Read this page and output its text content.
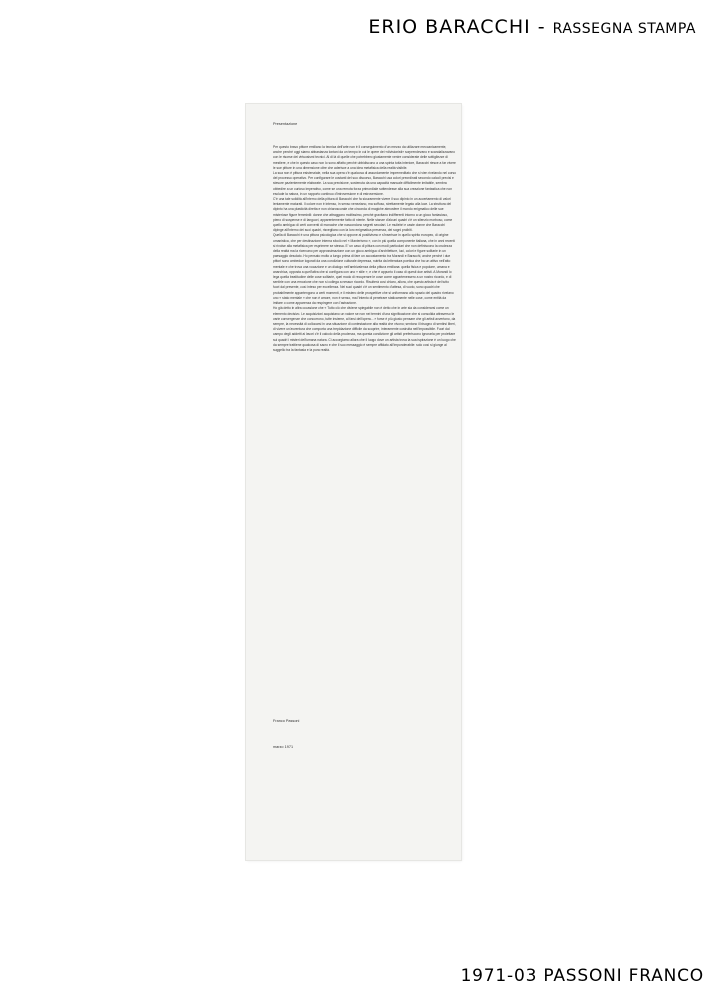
ERIO BARACCHI - RASSEGNA STAMPA

Presentazione

Per questo bravo pittore emiliano la tecnica dell'arte non è il conseguimento d'un mezzo da utilizzare meccanicamente, anche perché oggi siamo abbastanza lontani da un tempo in cui le opere dei «divisionisti» sorprendevano e scandalizzavano con le risorse dei virtuosismi tecnici. Al di là di quelle che potrebbero giustamente venire considerate delle sottigliezze di mestiere, e che in questo caso non lo sono affatto perché ubbidiscono a una spinta tutta interiore, Baracchi riesce a far vivere le sue pitture in una dimensione oltre che aderisce a una idea metafisica della realtà visibile.
La sua non è pittura esistenziale, nella sua opera c'è qualcosa di assurdamente impremeditato che si vien rivelando nel corso del processo operativo. Per configurare le costanti del suo discorso, Baracchi usa colori preordinati secondo calcoli precisi e stesure pazientemente elaborate. La sua precisione, sostenuta da una capacità manuale difficilmente imitabile, sembra obbedire a un curioso imperativo, come se una remota forza primordiale sottendesse alla sua creazione fantastica che non esclude la natura, in un rapporto continuo d'introversione e di estroversione.
C'è una tale solidità all'interno della pittura di Baracchi che fa sicuramente vivere il suo dipinto in un accertamento di valori lentamente maturati. Il colore non è intenso, in senso veneziano, ma soffuso, strettamente legato alla luce. La struttura del dipinto ha una plasticità diretta e non chiaroscurale che circonda di magiche atmosfere il mondo enigmatico delle sue misteriose figure femminili: donne che attraggono moltissimo, perché gravitano indifferenti intorno a un gioco fantasioso, pieno di suspense e di languori, apparentemente fatto di niente. Nelle stanze d'alcuni quadri c'è un silenzio morboso, come quello ambiguo di certi conventi di monache che nascondono segreti secolari. Le muliebri e caste donne che Baracchi dipinge all'interno dei suoi quadri, risvegliano con la loro enigmatica presenza, dei sogni proibiti.
Quella di Baracchi è una pittura psicologica che si oppone al positivismo e s'inserisce in quello spirito europeo, di origine umanistica, che per destinazione interna sfociò nel « Manierismo », con in più quella componente italiana, che in anni recenti si rivolse alla metafisica per esprimere se stessa. E' un caso di pittura con modi particolari che non definiscono la crudezza della realtà ma la ricercano per approssimazione con un gioco ambiguo d'architetture, luci, colori e figure solitarie in un paesaggio desolato. Ho pensato molto a lungo prima di fare un accostamento tra Morandi e Baracchi, anche perché i due pittori sono ambedue logorati da una condizione culturale depressa, nutrita da letteratura poetica che ha un attivo nell'atto mentale e che trova una vocazione e un dialogo nell'ambivalenza della pittura emiliana: quella fisica e popolare, umana e anarchica, opposta a quell'altra che si configura con uno « stile », e che è appunto il caso di questi due artisti. A Morandi lo lega quella beatitudine delle cose solitarie, quel modo di recuperare le cose come appartenessero a un nostro ricordo, e di sentirle con una emozione che non si collega a nessun ricordo. Risulterà così chiaro, allora, che questo artista è del tutto fuori dal presente, così inteso per eccellenza. Nei suoi quadri c'è un sentimento d'attesa, di vuoto, sono quadri che probabilmente appartengono a certi momenti, e il mistero delle prospettive che si uniformano allo spazio del quadro rivelano uno « stato mentale » che non è amore, non è senso, ma l'intento di penetrare staticamente nelle cose, come entità da imitare o come apparenza da respingere con l'astrazione.
Ho già detto in altra occasione che « Tutto ciò che diviene spiegabile non è detto che in arte sia da considerarsi come un elemento decisivo. Le acquisizioni acquistano un valore se non nei termini d'una significazione che si consolida attraverso le varie convergenze che concorrono, tutte insieme, al farsi dell'opera... » forse è più giusto pensare che gli artisti avvertono, da sempre, la necessità di collocarsi in una situazione di contestazione alla realtà che vivono; sentono il bisogno di sentirsi liberi, di vivere un'avventura che comporta una trepidazione difficile da scoprire, interamente costruita nell'impossibile. Fuori dal campo degli addetti ai lavori c'è il calcolo della prudenza, ma questa condizione gli artisti preferiscono ignorarla per proiettare sui quadri i misteri dell'umana natura. Ci accorgiamo allora che il luogo dove un artista trova la sua ispirazione è un luogo che da sempre trattiene qualcosa di sacro e che il suo messaggio è sempre affidato all'imponderabile: solo così si giunge al suggello tra la fantasia e la pura realtà.

Franco Passoni

marzo 1971

1971-03 PASSONI FRANCO
